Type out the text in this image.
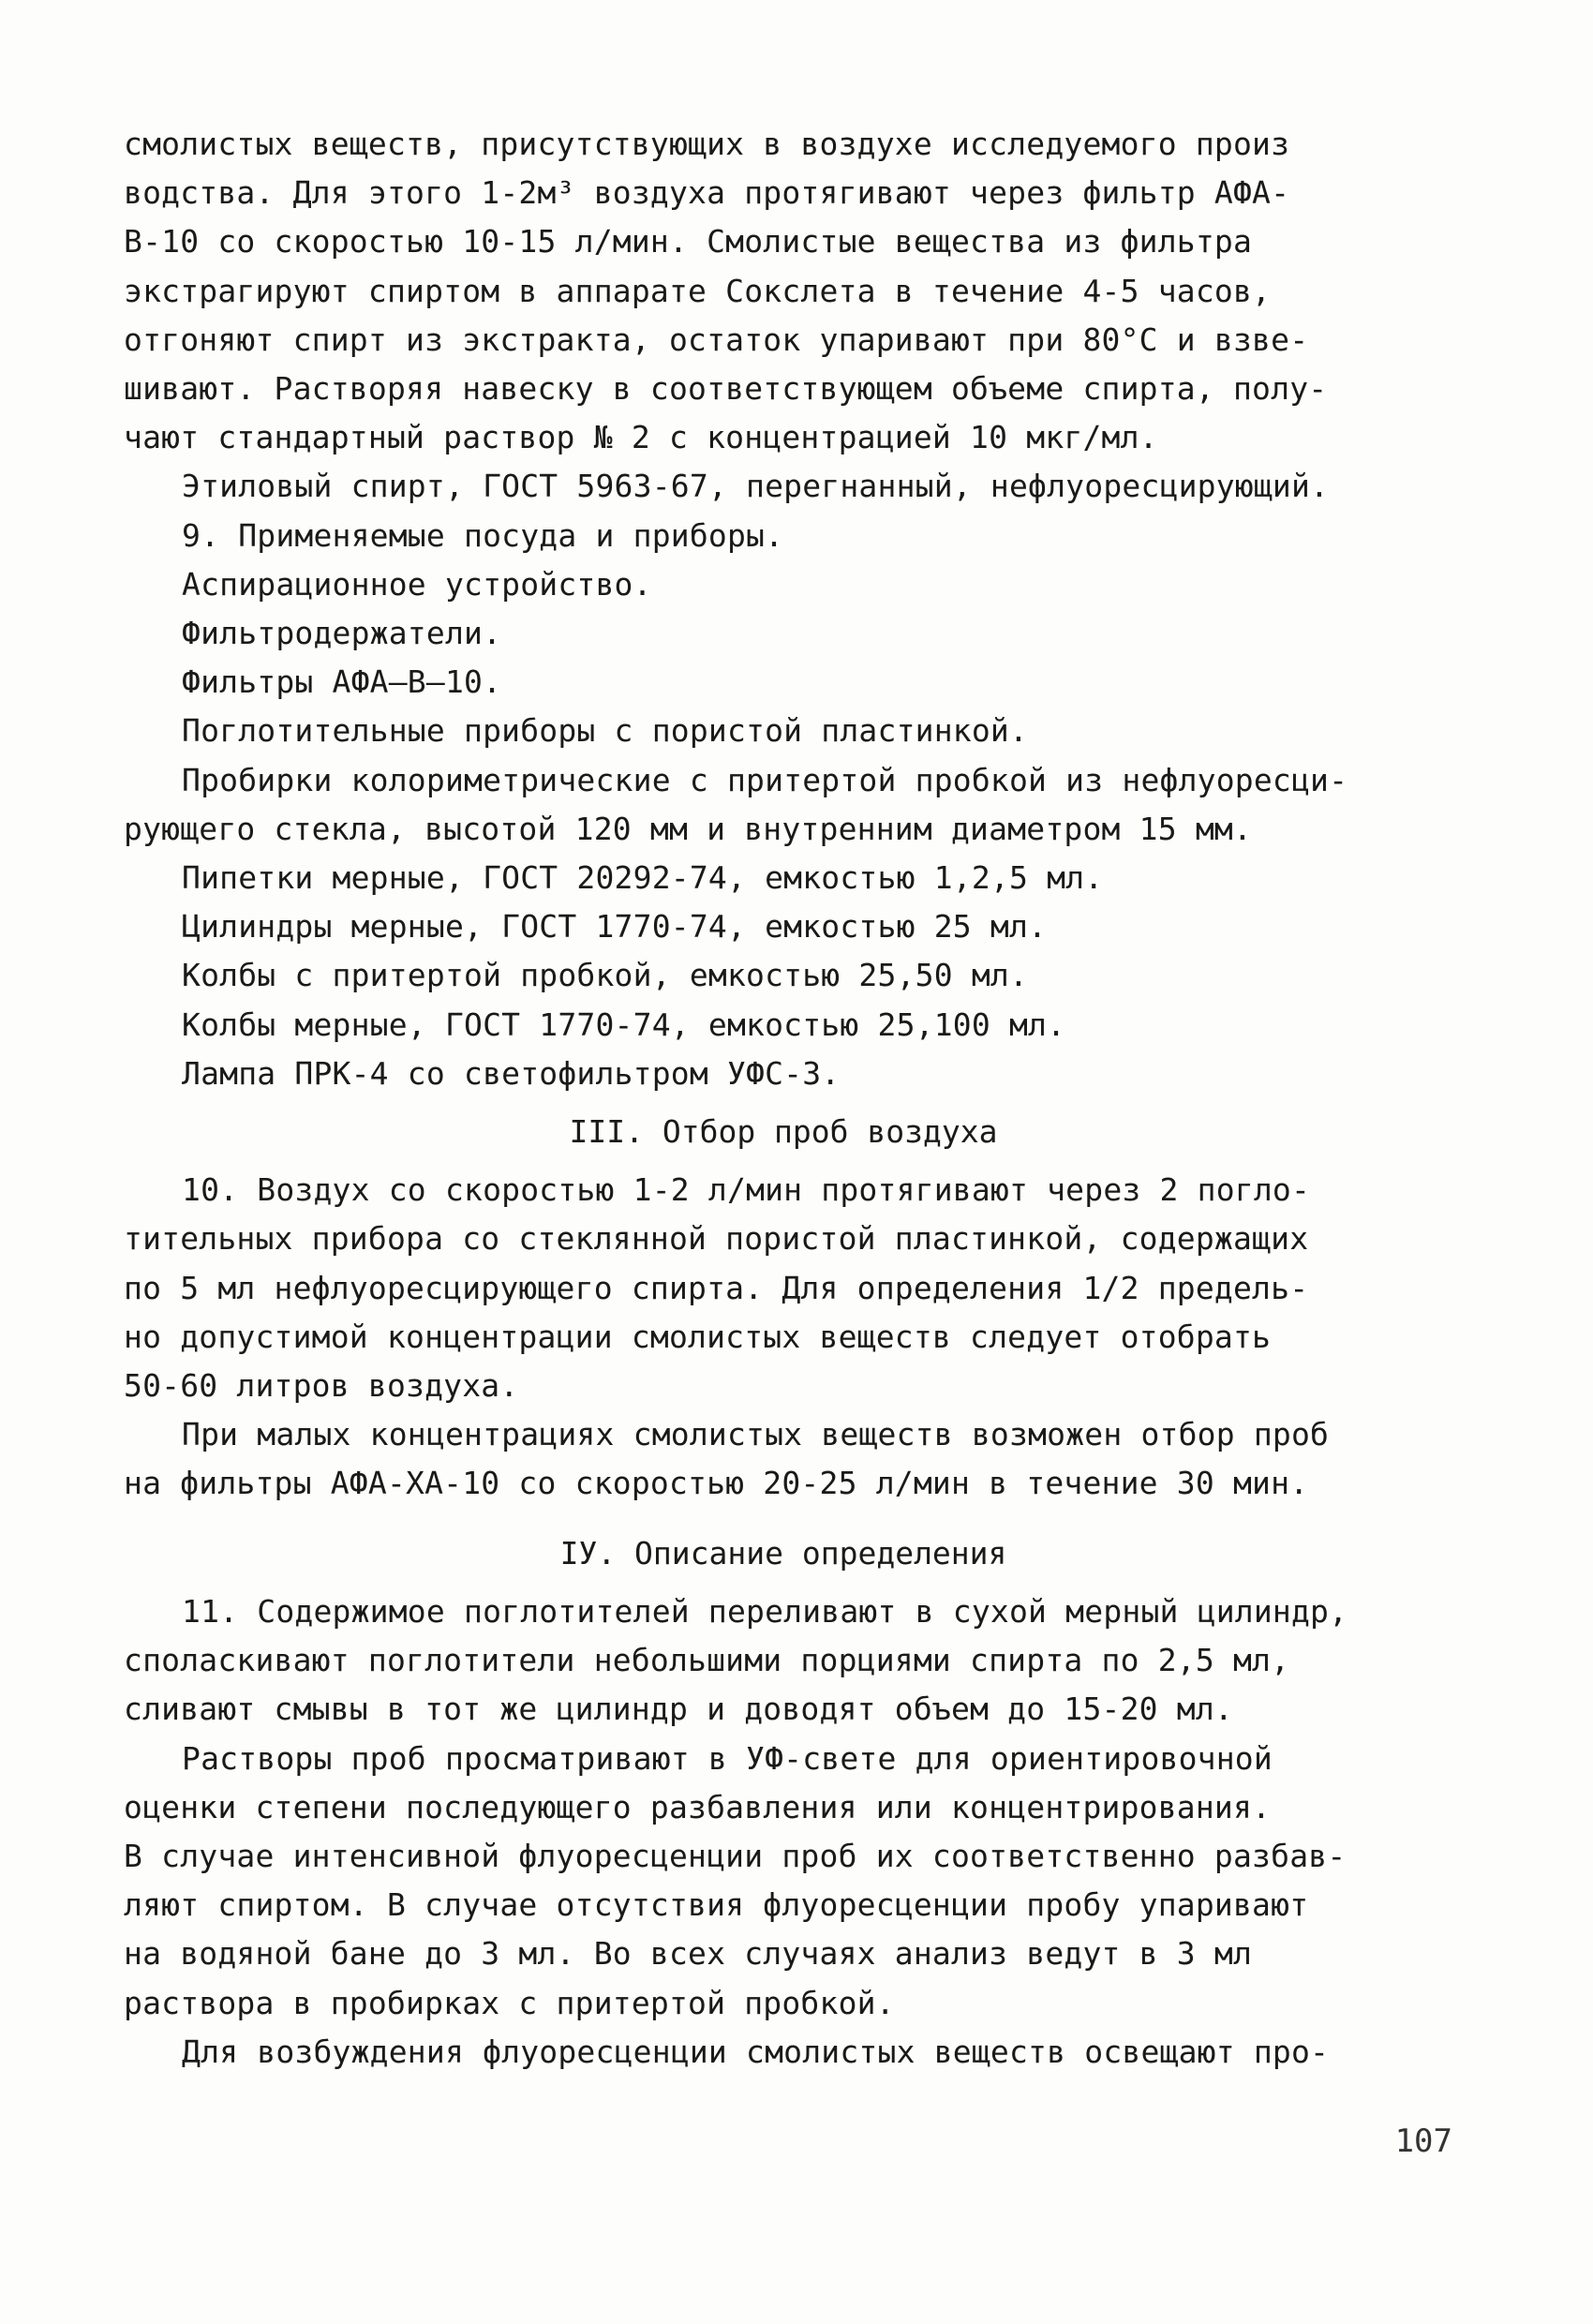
смолистых веществ, присутствующих в воздухе исследуемого произ
водства. Для этого 1-2м³ воздуха протягивают через фильтр АФА-
В-10 со скоростью 10-15 л/мин. Смолистые вещества из фильтра
экстрагируют спиртом в аппарате Сокслета в течение 4-5 часов,
отгоняют спирт из экстракта, остаток упаривают при 80°С и взве-
шивают. Растворяя навеску в соответствующем объеме спирта, полу-
чают стандартный раствор № 2 с концентрацией 10 мкг/мл.
Этиловый спирт, ГОСТ 5963-67, перегнанный, нефлуоресцирующий.
9. Применяемые посуда и приборы.
Аспирационное устройство.
Фильтродержатели.
Фильтры АФА—В—10.
Поглотительные приборы с пористой пластинкой.
Пробирки колориметрические с притертой пробкой из нефлуоресци-
рующего стекла, высотой 120 мм и внутренним диаметром 15 мм.
Пипетки мерные, ГОСТ 20292-74, емкостью 1,2,5 мл.
Цилиндры мерные, ГОСТ 1770-74, емкостью 25 мл.
Колбы с притертой пробкой, емкостью 25,50 мл.
Колбы мерные, ГОСТ 1770-74, емкостью 25,100 мл.
Лампа ПРК-4 со светофильтром УФС-3.
III. Отбор проб воздуха
10. Воздух со скоростью 1-2 л/мин протягивают через 2 погло-
тительных прибора со стеклянной пористой пластинкой, содержащих
по 5 мл нефлуоресцирующего спирта. Для определения 1/2 предель-
но допустимой концентрации смолистых веществ следует отобрать
50-60 литров воздуха.
При малых концентрациях смолистых веществ возможен отбор проб
на фильтры АФА-ХА-10 со скоростью 20-25 л/мин в течение 30 мин.
IУ. Описание определения
11. Содержимое поглотителей переливают в сухой мерный цилиндр,
споласкивают поглотители небольшими порциями спирта по 2,5 мл,
сливают смывы в тот же цилиндр и доводят объем до 15-20 мл.
Растворы проб просматривают в УФ-свете для ориентировочной
оценки степени последующего разбавления или концентрирования.
В случае интенсивной флуоресценции проб их соответственно разбав-
ляют спиртом. В случае отсутствия флуоресценции пробу упаривают
на водяной бане до 3 мл. Во всех случаях анализ ведут в 3 мл
раствора в пробирках с притертой пробкой.
Для возбуждения флуоресценции смолистых веществ освещают про-
107
